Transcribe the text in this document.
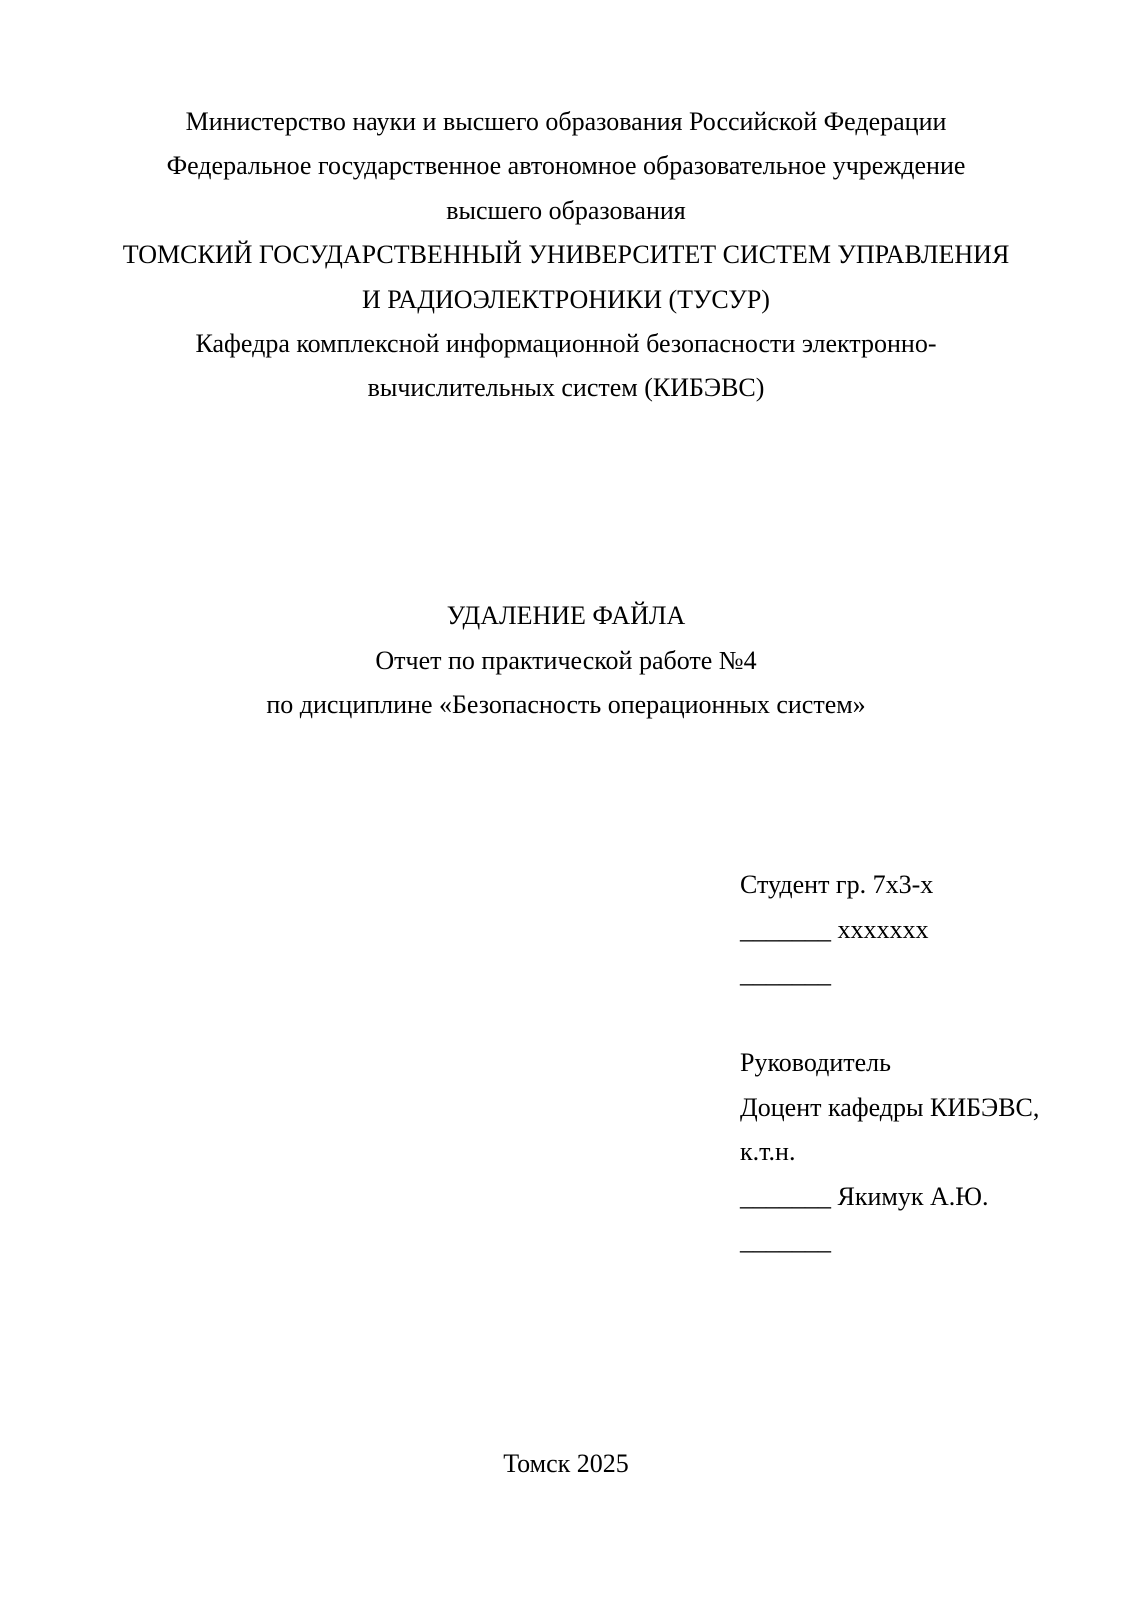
Министерство науки и высшего образования Российской Федерации
Федеральное государственное автономное образовательное учреждение
высшего образования
ТОМСКИЙ ГОСУДАРСТВЕННЫЙ УНИВЕРСИТЕТ СИСТЕМ УПРАВЛЕНИЯ
И РАДИОЭЛЕКТРОНИКИ (ТУСУР)
Кафедра комплексной информационной безопасности электронно-
вычислительных систем (КИБЭВС)
УДАЛЕНИЕ ФАЙЛА
Отчет по практической работе №4
по дисциплине «Безопасность операционных систем»
Студент гр. 7х3-х
_______ ххххххх
_______
Руководитель
Доцент кафедры КИБЭВС,
к.т.н.
_______ Якимук А.Ю.
_______
Томск 2025
